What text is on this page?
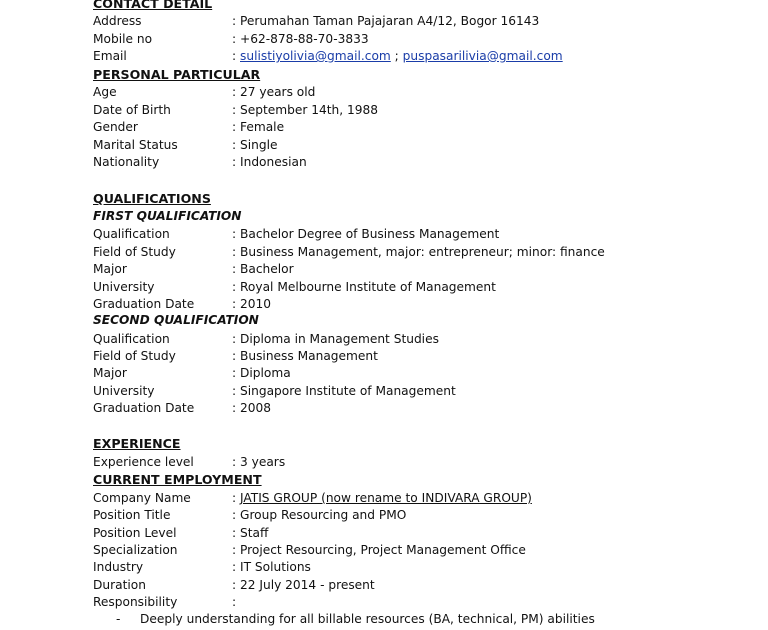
CONTACT DETAIL
Address	: Perumahan Taman Pajajaran A4/12, Bogor 16143
Mobile no	: +62-878-88-70-3833
Email	: sulistiyolivia@gmail.com ; puspasarilivia@gmail.com
PERSONAL PARTICULAR
Age	: 27 years old
Date of Birth	: September 14th, 1988
Gender	: Female
Marital Status	: Single
Nationality	: Indonesian
QUALIFICATIONS
FIRST QUALIFICATION
Qualification	: Bachelor Degree of Business Management
Field of Study	: Business Management, major: entrepreneur; minor: finance
Major	: Bachelor
University	: Royal Melbourne Institute of Management
Graduation Date	: 2010
SECOND QUALIFICATION
Qualification	: Diploma in Management Studies
Field of Study	: Business Management
Major	: Diploma
University	: Singapore Institute of Management
Graduation Date	: 2008
EXPERIENCE
Experience level	: 3 years
CURRENT EMPLOYMENT
Company Name	: JATIS GROUP (now rename to INDIVARA GROUP)
Position Title	: Group Resourcing and PMO
Position Level	: Staff
Specialization	: Project Resourcing, Project Management Office
Industry	: IT Solutions
Duration	: 22 July 2014 - present
Responsibility	:
- Deeply understanding for all billable resources (BA, technical, PM) abilities
